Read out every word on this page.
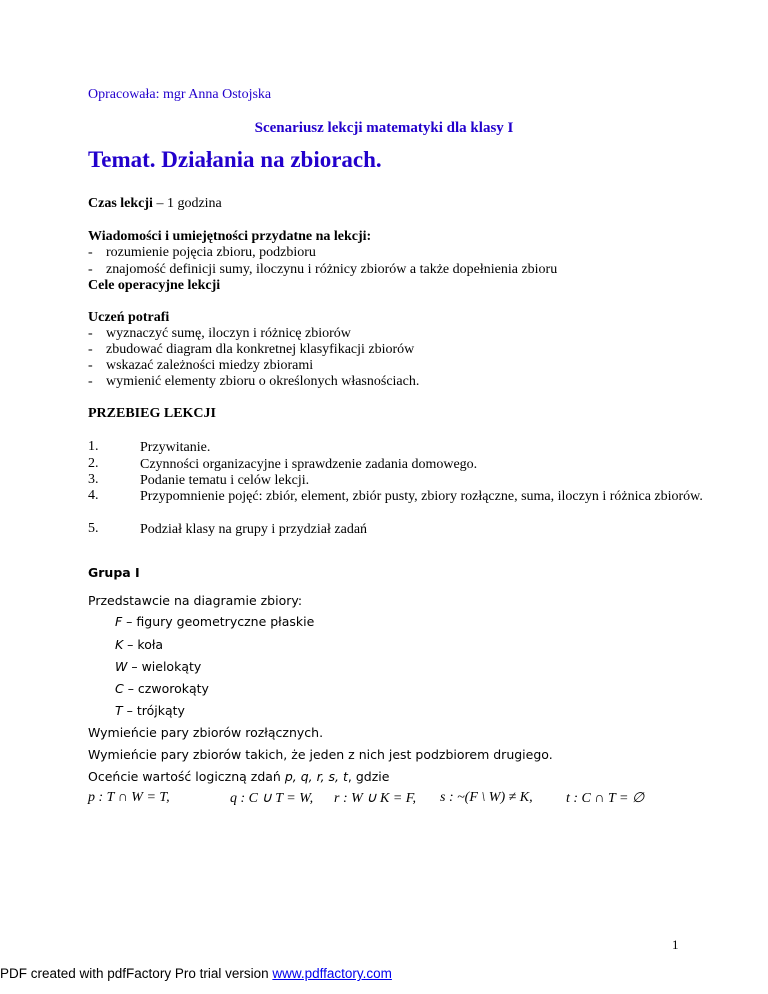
Opracowała: mgr Anna Ostojska
Scenariusz lekcji matematyki dla klasy I
Temat. Działania na zbiorach.
Czas lekcji – 1 godzina
Wiadomości i umiejętności przydatne na lekcji:
- rozumienie pojęcia zbioru, podzbioru
- znajomość definicji sumy, iloczynu i różnicy zbiorów a także dopełnienia zbioru
Cele operacyjne lekcji
Uczeń potrafi
- wyznaczyć sumę, iloczyn i różnicę zbiorów
- zbudować diagram dla konkretnej klasyfikacji zbiorów
- wskazać zależności miedzy zbiorami
- wymienić elementy zbioru o określonych własnościach.
PRZEBIEG LEKCJI
1.	Przywitanie.
2.	Czynności organizacyjne i sprawdzenie zadania domowego.
3.	Podanie tematu i celów lekcji.
4.	Przypomnienie pojęć: zbiór, element, zbiór pusty, zbiory rozłączne, suma, iloczyn i różnica zbiorów.
5.	Podział klasy na grupy i przydział zadań
Grupa I
Przedstawcie na diagramie zbiory:
F – figury geometryczne płaskie
K – koła
W – wielokąty
C – czworokąty
T – trójkąty
Wymieńcie pary zbiorów rozłącznych.
Wymieńcie pary zbiorów takich, że jeden z nich jest podzbiorem drugiego.
Oceńcie wartość logiczną zdań p, q, r, s, t, gdzie
p : T ∩ W = T,	q : C ∪ T = W, r : W ∪ K = F, s : ~(F \ W) ≠ K, t : C ∩ T = ∅
1
PDF created with pdfFactory Pro trial version www.pdffactory.com
